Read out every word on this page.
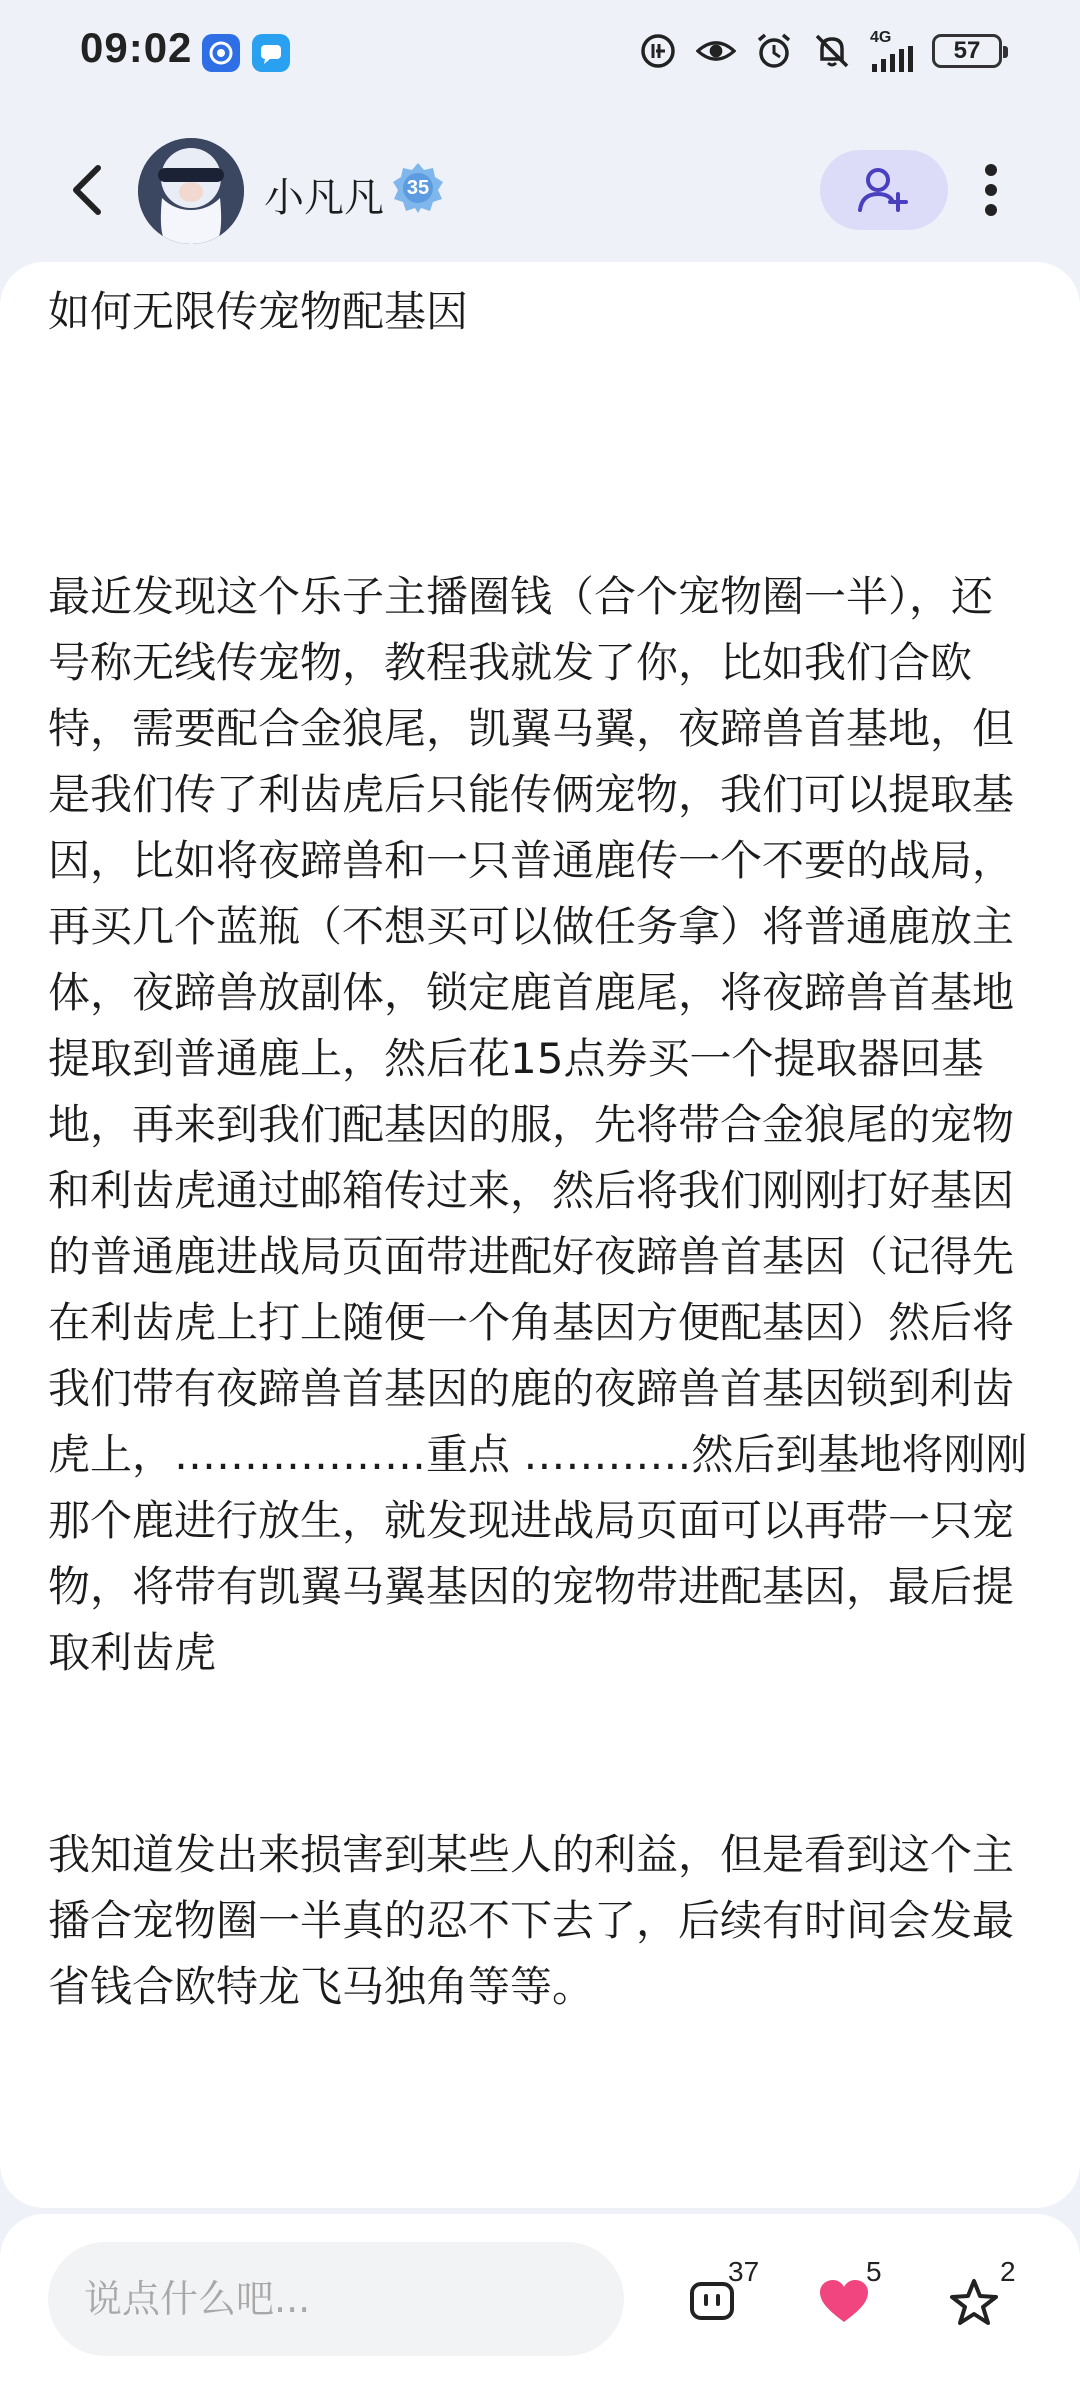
09:02	4G	57
小凡凡	35

如何无限传宠物配基因

最近发现这个乐子主播圈钱（合个宠物圈一半），还号称无线传宠物，教程我就发了你，比如我们合欧特，需要配合金狼尾，凯翼马翼，夜蹄兽首基地，但是我们传了利齿虎后只能传俩宠物，我们可以提取基因，比如将夜蹄兽和一只普通鹿传一个不要的战局，再买几个蓝瓶（不想买可以做任务拿）将普通鹿放主体，夜蹄兽放副体，锁定鹿首鹿尾，将夜蹄兽首基地提取到普通鹿上，然后花15点券买一个提取器回基地，再来到我们配基因的服，先将带合金狼尾的宠物和利齿虎通过邮箱传过来，然后将我们刚刚打好基因的普通鹿进战局页面带进配好夜蹄兽首基因（记得先在利齿虎上打上随便一个角基因方便配基因）然后将我们带有夜蹄兽首基因的鹿的夜蹄兽首基因锁到利齿虎上，………………重点 …………然后到基地将刚刚那个鹿进行放生，就发现进战局页面可以再带一只宠物，将带有凯翼马翼基因的宠物带进配基因，最后提取利齿虎

我知道发出来损害到某些人的利益，但是看到这个主播合宠物圈一半真的忍不下去了，后续有时间会发最省钱合欧特龙飞马独角等等。

说点什么吧...
37	5	2
